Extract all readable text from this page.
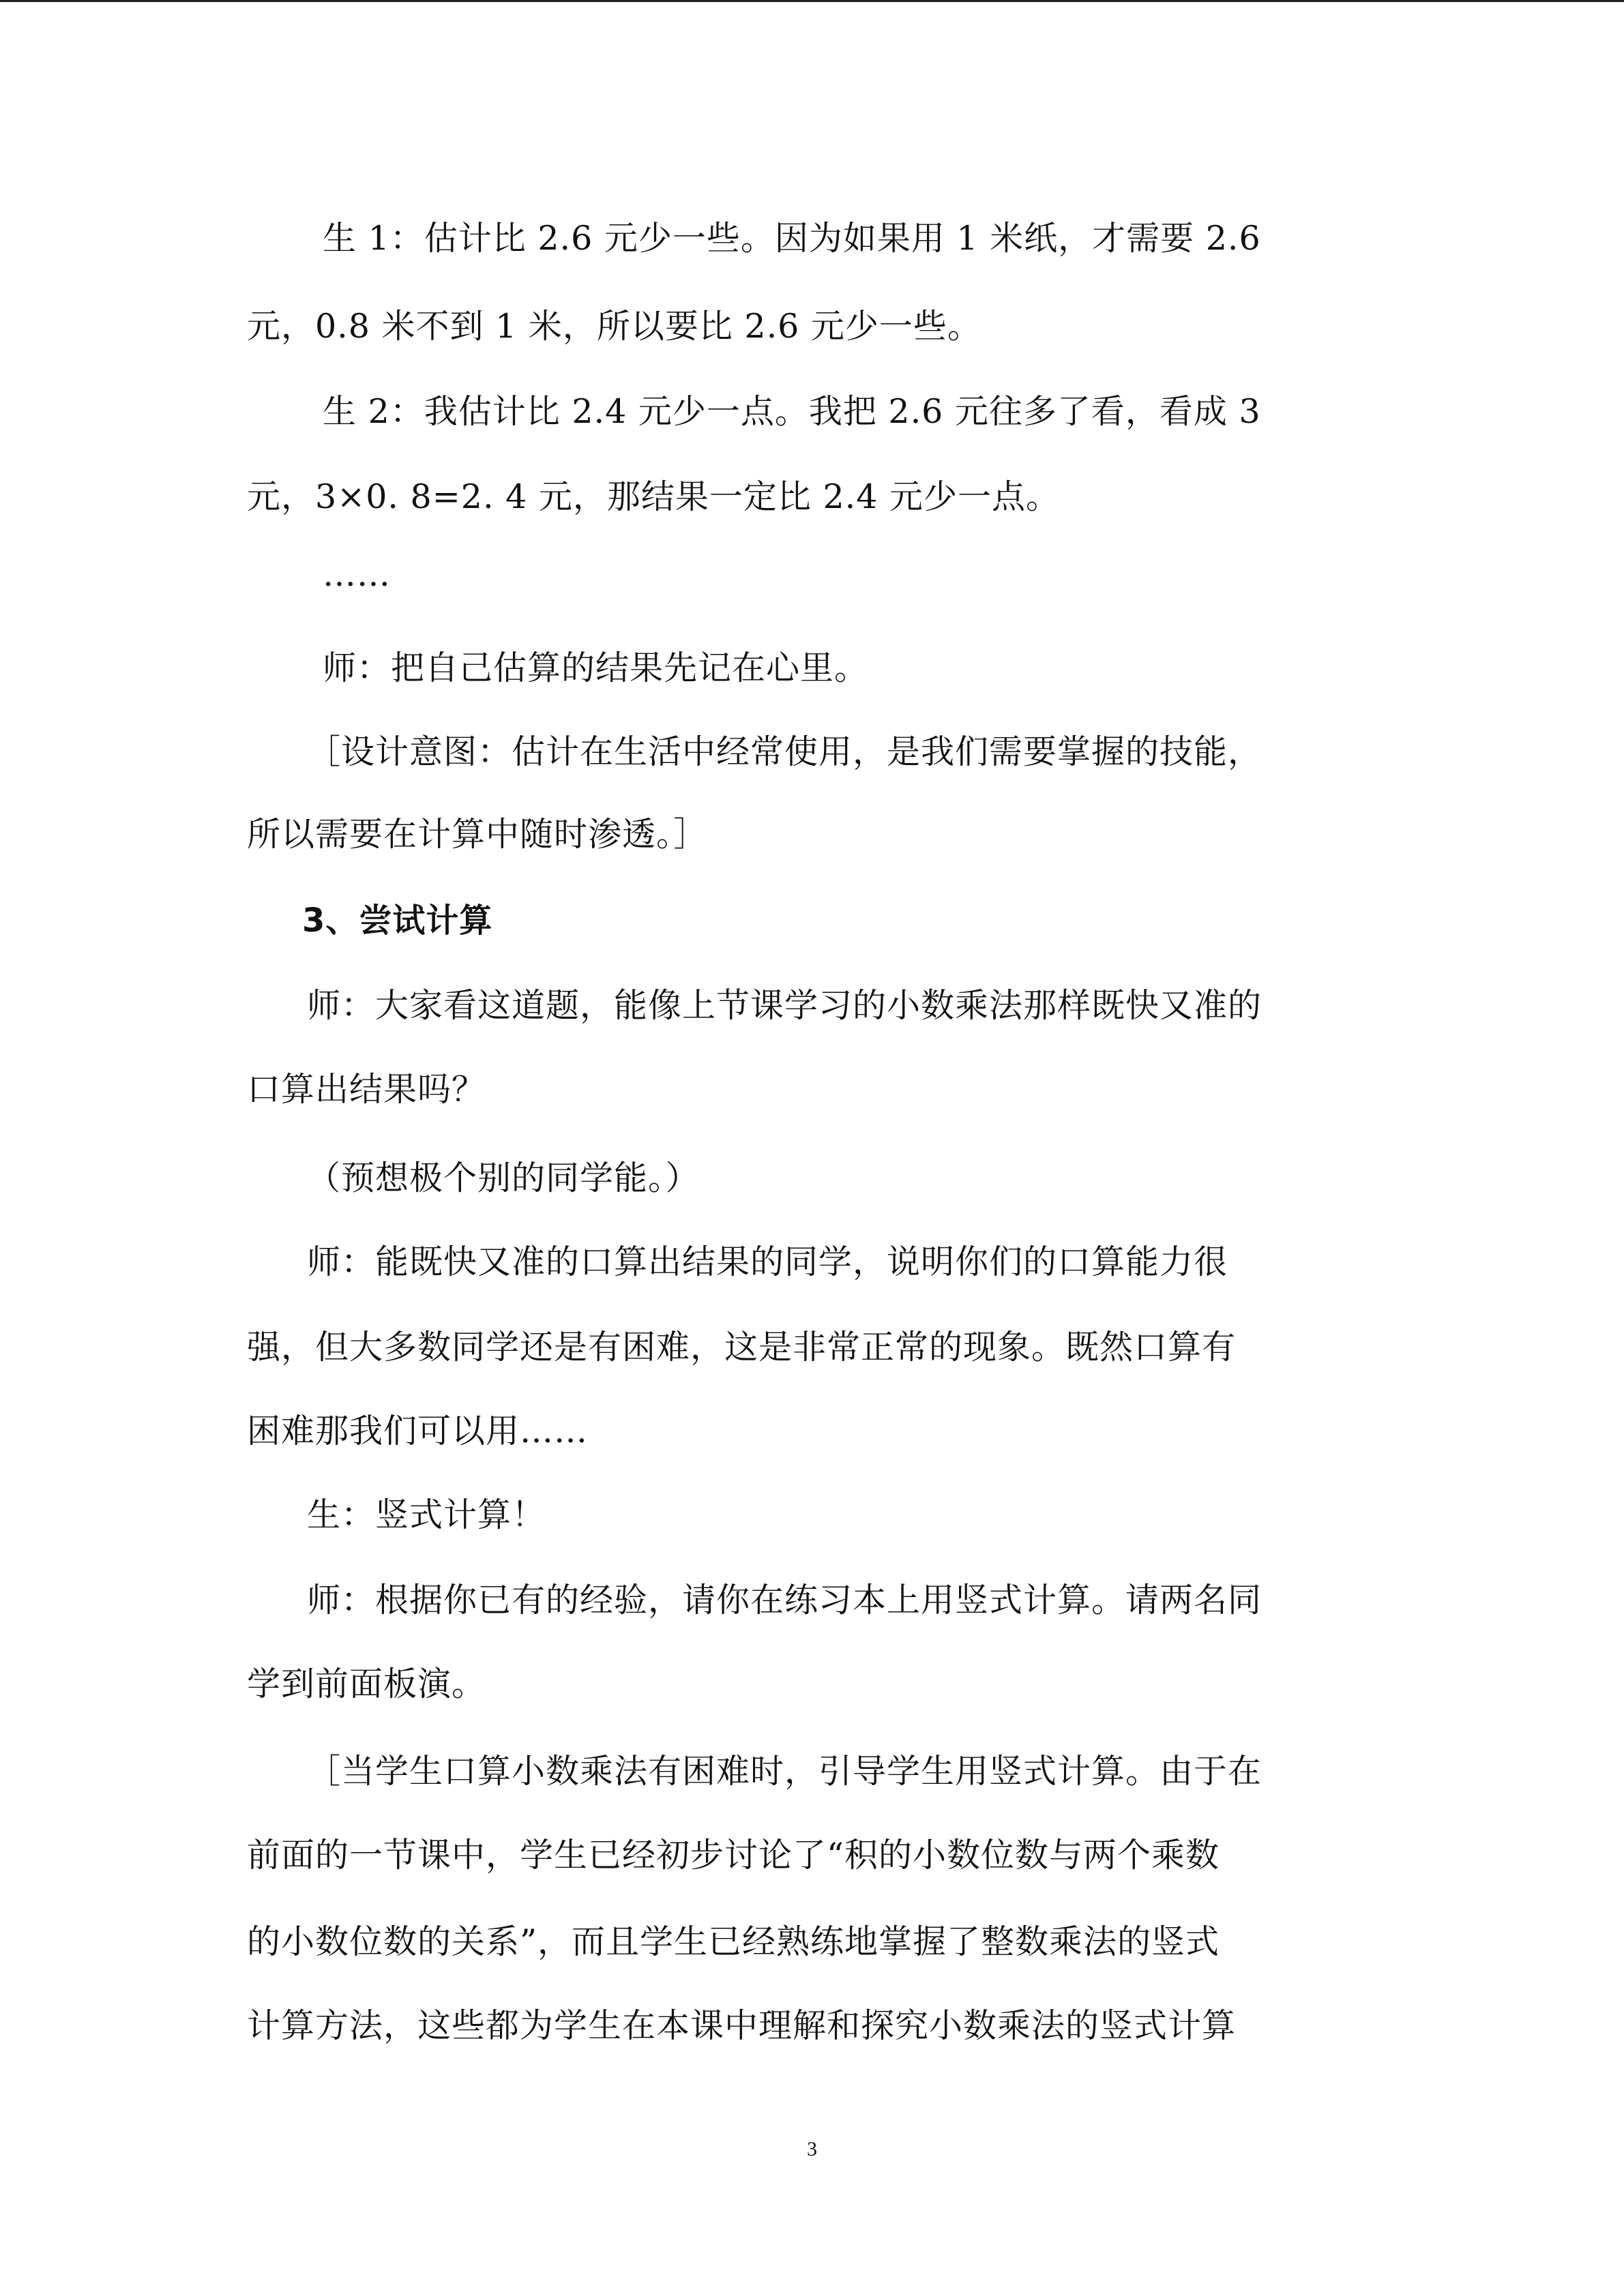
生 1：估计比 2.6 元少一些。因为如果用 1 米纸，才需要 2.6
元，0.8 米不到 1 米，所以要比 2.6 元少一些。
生 2：我估计比 2.4 元少一点。我把 2.6 元往多了看，看成 3
元，3×0. 8=2. 4 元，那结果一定比 2.4 元少一点。
……
师：把自己估算的结果先记在心里。
［设计意图：估计在生活中经常使用，是我们需要掌握的技能，
所以需要在计算中随时渗透。］
3、尝试计算
师：大家看这道题，能像上节课学习的小数乘法那样既快又准的
口算出结果吗？
（预想极个别的同学能。）
师：能既快又准的口算出结果的同学，说明你们的口算能力很
强，但大多数同学还是有困难，这是非常正常的现象。既然口算有
困难那我们可以用……
生：竖式计算！
师：根据你已有的经验，请你在练习本上用竖式计算。请两名同
学到前面板演。
［当学生口算小数乘法有困难时，引导学生用竖式计算。由于在
前面的一节课中，学生已经初步讨论了“积的小数位数与两个乘数
的小数位数的关系”，而且学生已经熟练地掌握了整数乘法的竖式
计算方法，这些都为学生在本课中理解和探究小数乘法的竖式计算
3
